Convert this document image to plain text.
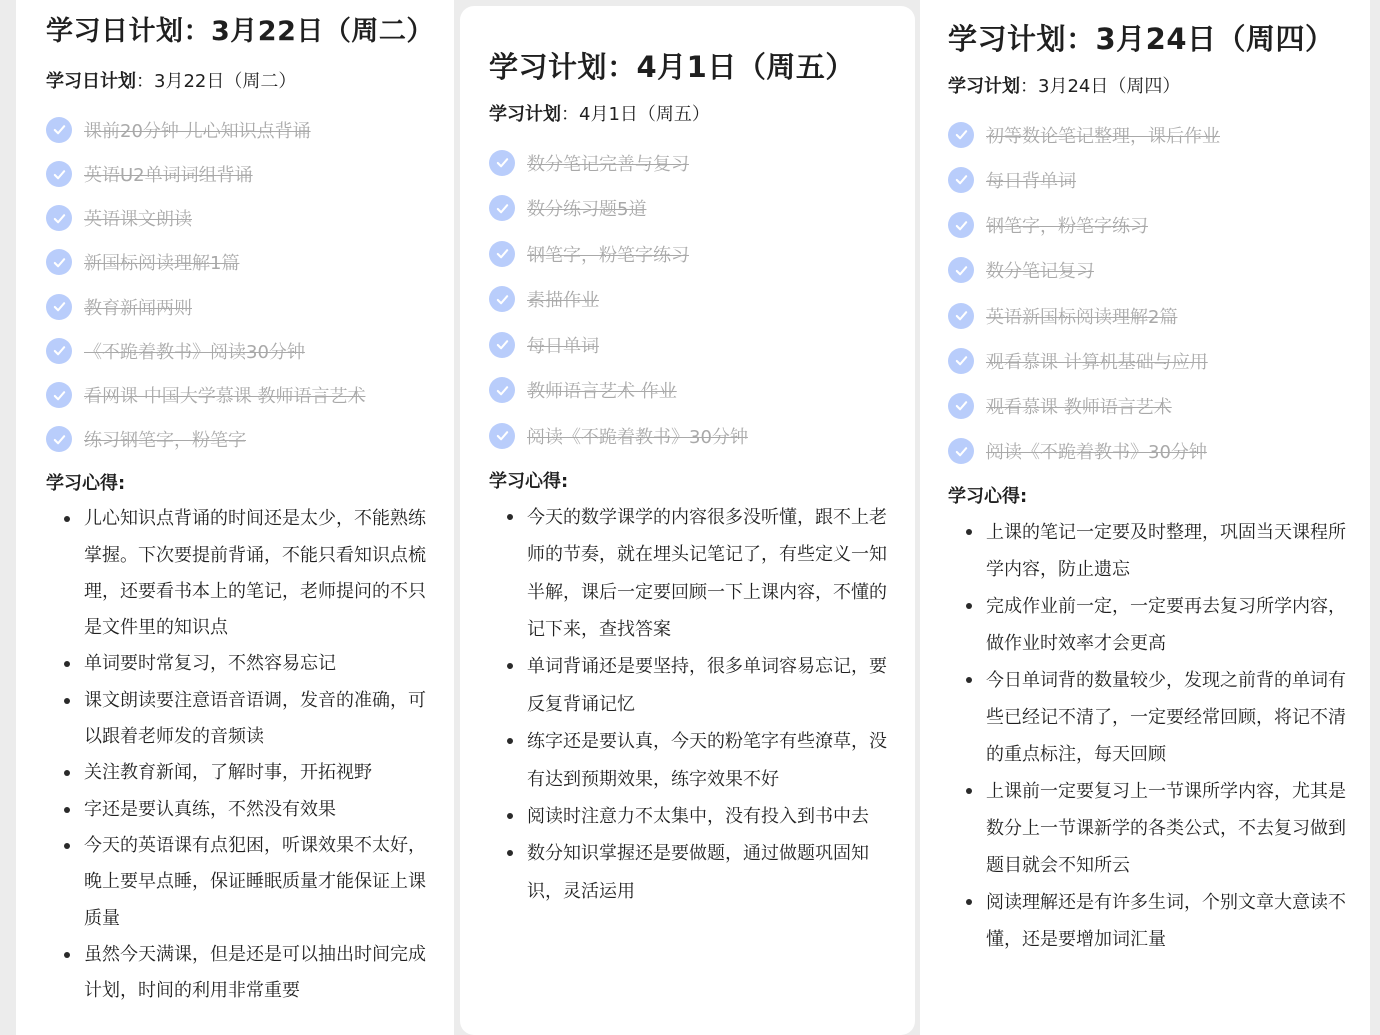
学习日计划：3月22日（周二）

学习日计划：3月22日（周二）

课前20分钟 儿心知识点背诵
英语U2单词词组背诵
英语课文朗读
新国标阅读理解1篇
教育新闻两则
《不跪着教书》阅读30分钟
看网课 中国大学慕课 教师语言艺术
练习钢笔字，粉笔字
学习心得:
儿心知识点背诵的时间还是太少，不能熟练掌握。下次要提前背诵，不能只看知识点梳理，还要看书本上的笔记，老师提问的不只是文件里的知识点
单词要时常复习，不然容易忘记
课文朗读要注意语音语调，发音的准确，可以跟着老师发的音频读
关注教育新闻，了解时事，开拓视野
字还是要认真练，不然没有效果
今天的英语课有点犯困，听课效果不太好，晚上要早点睡，保证睡眠质量才能保证上课质量
虽然今天满课，但是还是可以抽出时间完成计划，时间的利用非常重要
学习计划：4月1日（周五）

学习计划：4月1日（周五）

数分笔记完善与复习
数分练习题5道
钢笔字，粉笔字练习
素描作业
每日单词
教师语言艺术 作业
阅读《不跪着教书》30分钟
学习心得:
今天的数学课学的内容很多没听懂，跟不上老师的节奏，就在埋头记笔记了，有些定义一知半解，课后一定要回顾一下上课内容，不懂的记下来，查找答案
单词背诵还是要坚持，很多单词容易忘记，要反复背诵记忆
练字还是要认真，今天的粉笔字有些潦草，没有达到预期效果，练字效果不好
阅读时注意力不太集中，没有投入到书中去
数分知识掌握还是要做题，通过做题巩固知识，灵活运用
学习计划：3月24日（周四）

学习计划：3月24日（周四）

初等数论笔记整理，课后作业
每日背单词
钢笔字，粉笔字练习
数分笔记复习
英语新国标阅读理解2篇
观看慕课 计算机基础与应用
观看慕课 教师语言艺术
阅读《不跪着教书》30分钟
学习心得:
上课的笔记一定要及时整理，巩固当天课程所学内容，防止遗忘
完成作业前一定，一定要再去复习所学内容，做作业时效率才会更高
今日单词背的数量较少，发现之前背的单词有些已经记不清了，一定要经常回顾，将记不清的重点标注，每天回顾
上课前一定要复习上一节课所学内容，尤其是数分上一节课新学的各类公式，不去复习做到题目就会不知所云
阅读理解还是有许多生词，个别文章大意读不懂，还是要增加词汇量
